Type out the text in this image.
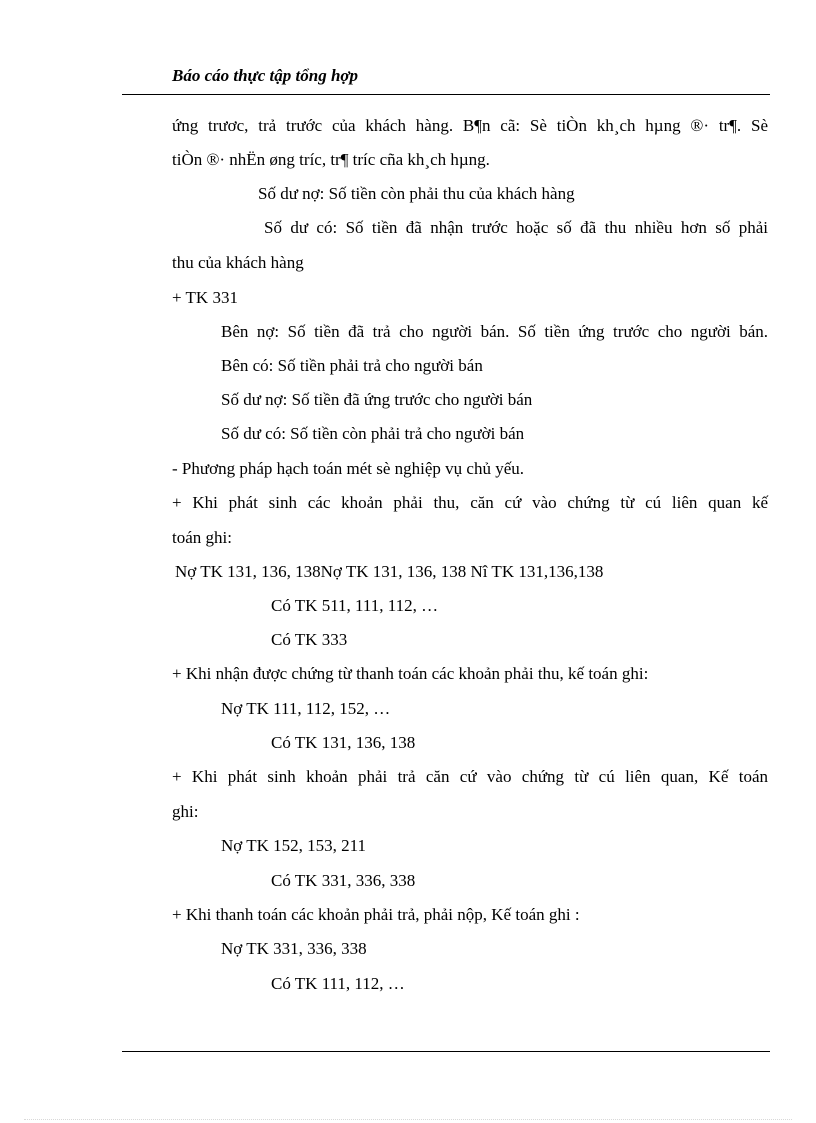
Báo cáo thực tập tổng hợp
ứng trươc, trả trước của khách hàng. B¶n cã: Sè tiÒn kh¸ch hµng ®· tr¶. Sè
tiÒn ®· nhËn øng tríc, tr¶ tríc cña kh¸ch hµng.
Số dư nợ: Số tiền còn phải thu của khách hàng
Số dư có: Số tiền đã nhận trước hoặc số đã thu nhiều hơn số phải
thu của khách hàng
+ TK 331
Bên nợ: Số tiền đã trả cho người bán. Số tiền ứng trước cho người bán.
Bên có: Số tiền phải trả cho người bán
Số dư nợ: Số tiền đã ứng trước cho người bán
Số dư có: Số tiền còn phải trả cho người bán
- Phương pháp hạch toán mét sè nghiệp vụ chủ yếu.
+ Khi phát sinh các khoản phải thu, căn cứ vào chứng từ cú liên quan kế
toán ghi:
Nợ TK 131, 136, 138Nợ TK 131, 136, 138 Nî TK 131,136,138
Có TK 511, 111, 112, …
Có TK 333
+ Khi nhận được chứng từ thanh toán các khoản phải thu, kế toán ghi:
Nợ TK 111, 112, 152, …
Có TK 131, 136, 138
+ Khi phát sinh khoản phải trả căn cứ vào chứng từ cú liên quan, Kế toán
ghi:
Nợ TK 152, 153, 211
Có TK 331, 336, 338
+ Khi thanh toán các khoản phải trả, phải nộp, Kế toán ghi :
Nợ TK 331, 336, 338
Có TK 111, 112, …
